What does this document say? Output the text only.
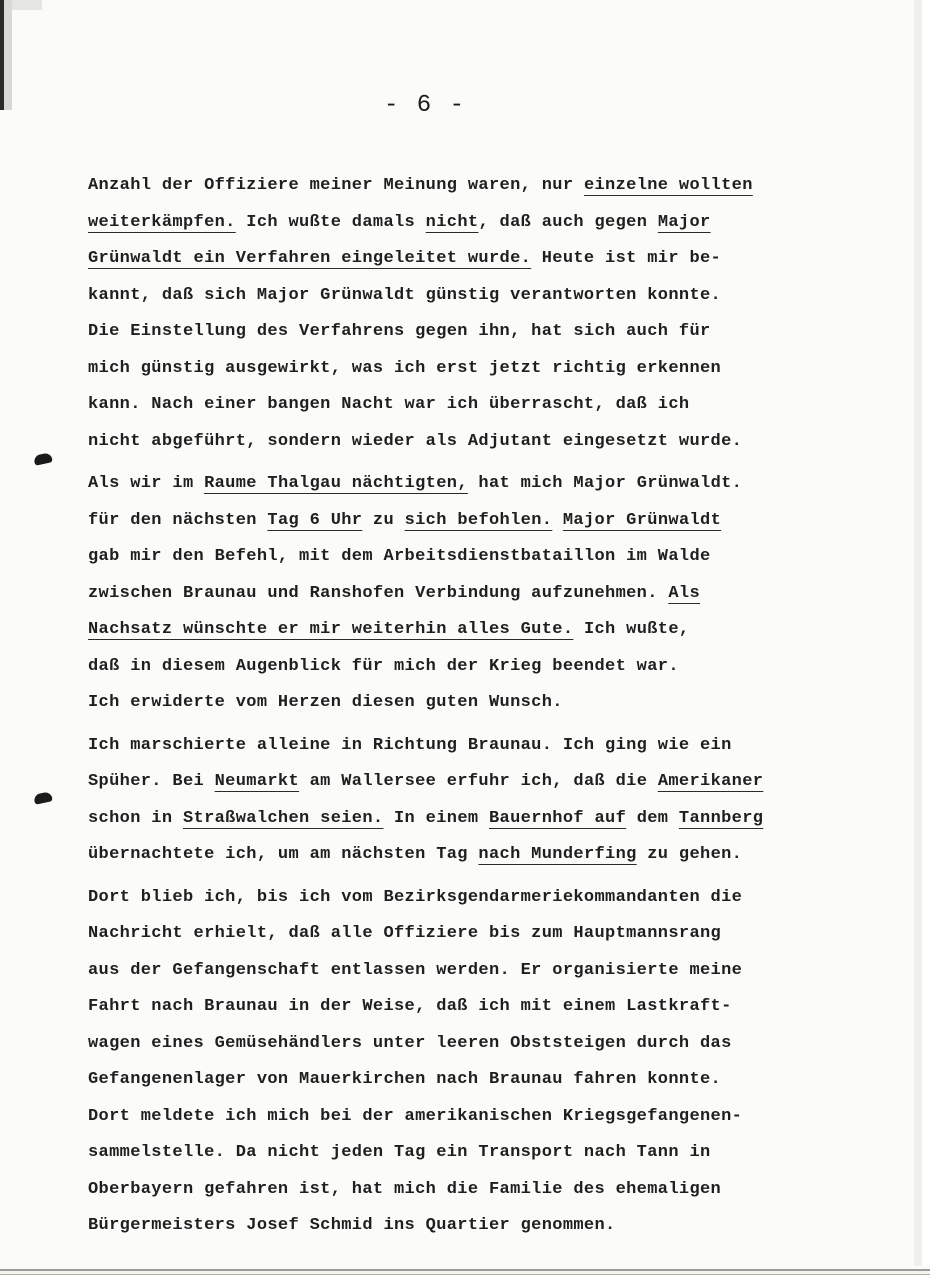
- 6 -
Anzahl der Offiziere meiner Meinung waren, nur einzelne wollten
weiterkämpfen. Ich wußte damals nicht, daß auch gegen Major
Grünwaldt ein Verfahren eingeleitet wurde. Heute ist mir be-
kannt, daß sich Major Grünwaldt günstig verantworten konnte.
Die Einstellung des Verfahrens gegen ihn, hat sich auch für
mich günstig ausgewirkt, was ich erst jetzt richtig erkennen
kann. Nach einer bangen Nacht war ich überrascht, daß ich
nicht abgeführt, sondern wieder als Adjutant eingesetzt wurde.
Als wir im Raume Thalgau nächtigten, hat mich Major Grünwaldt.
für den nächsten Tag 6 Uhr zu sich befohlen. Major Grünwaldt
gab mir den Befehl, mit dem Arbeitsdienstbataillon im Walde
zwischen Braunau und Ranshofen Verbindung aufzunehmen. Als
Nachsatz wünschte er mir weiterhin alles Gute. Ich wußte,
daß in diesem Augenblick für mich der Krieg beendet war.
Ich erwiderte vom Herzen diesen guten Wunsch.
Ich marschierte alleine in Richtung Braunau. Ich ging wie ein
Spüher. Bei Neumarkt am Wallersee erfuhr ich, daß die Amerikaner
schon in Straßwalchen seien. In einem Bauernhof auf dem Tannberg
übernachtete ich, um am nächsten Tag nach Munderfing zu gehen.
Dort blieb ich, bis ich vom Bezirksgendarmeriekommandanten die
Nachricht erhielt, daß alle Offiziere bis zum Hauptmannsrang
aus der Gefangenschaft entlassen werden. Er organisierte meine
Fahrt nach Braunau in der Weise, daß ich mit einem Lastkraft-
wagen eines Gemüsehändlers unter leeren Obststeigen durch das
Gefangenenlager von Mauerkirchen nach Braunau fahren konnte.
Dort meldete ich mich bei der amerikanischen Kriegsgefangenen-
sammelstelle. Da nicht jeden Tag ein Transport nach Tann in
Oberbayern gefahren ist, hat mich die Familie des ehemaligen
Bürgermeisters Josef Schmid ins Quartier genommen.
